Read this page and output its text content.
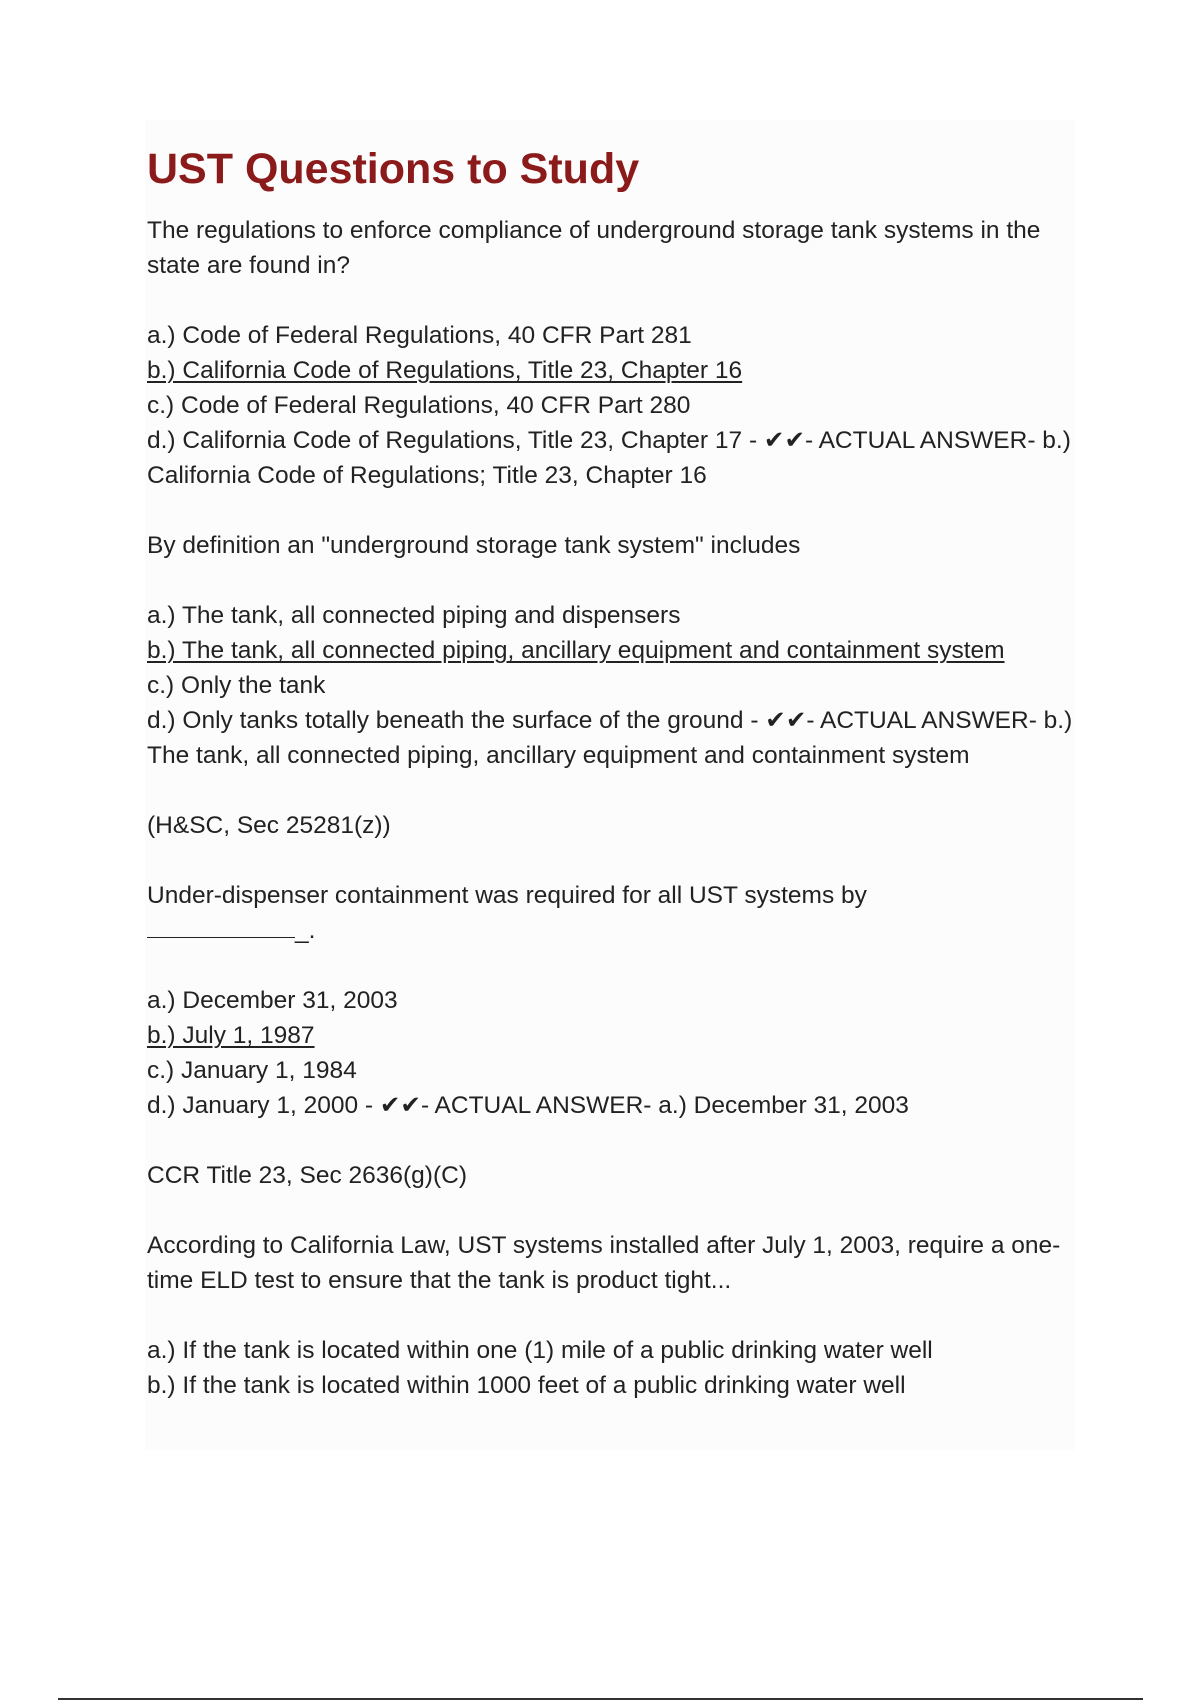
UST Questions to Study

The regulations to enforce compliance of underground storage tank systems in the state are found in?

a.) Code of Federal Regulations, 40 CFR Part 281

b.) California Code of Regulations, Title 23, Chapter 16

c.) Code of Federal Regulations, 40 CFR Part 280

d.) California Code of Regulations, Title 23, Chapter 17 - ✔✔- ACTUAL ANSWER- b.) California Code of Regulations; Title 23, Chapter 16

By definition an "underground storage tank system" includes

a.) The tank, all connected piping and dispensers

b.) The tank, all connected piping, ancillary equipment and containment system

c.) Only the tank

d.) Only tanks totally beneath the surface of the ground - ✔✔- ACTUAL ANSWER- b.) The tank, all connected piping, ancillary equipment and containment system

(H&SC, Sec 25281(z))

Under-dispenser containment was required for all UST systems by

_.

a.) December 31, 2003

b.) July 1, 1987

c.) January 1, 1984

d.) January 1, 2000 - ✔✔- ACTUAL ANSWER- a.) December 31, 2003

CCR Title 23, Sec 2636(g)(C)

According to California Law, UST systems installed after July 1, 2003, require a one-time ELD test to ensure that the tank is product tight...

a.) If the tank is located within one (1) mile of a public drinking water well

b.) If the tank is located within 1000 feet of a public drinking water well
